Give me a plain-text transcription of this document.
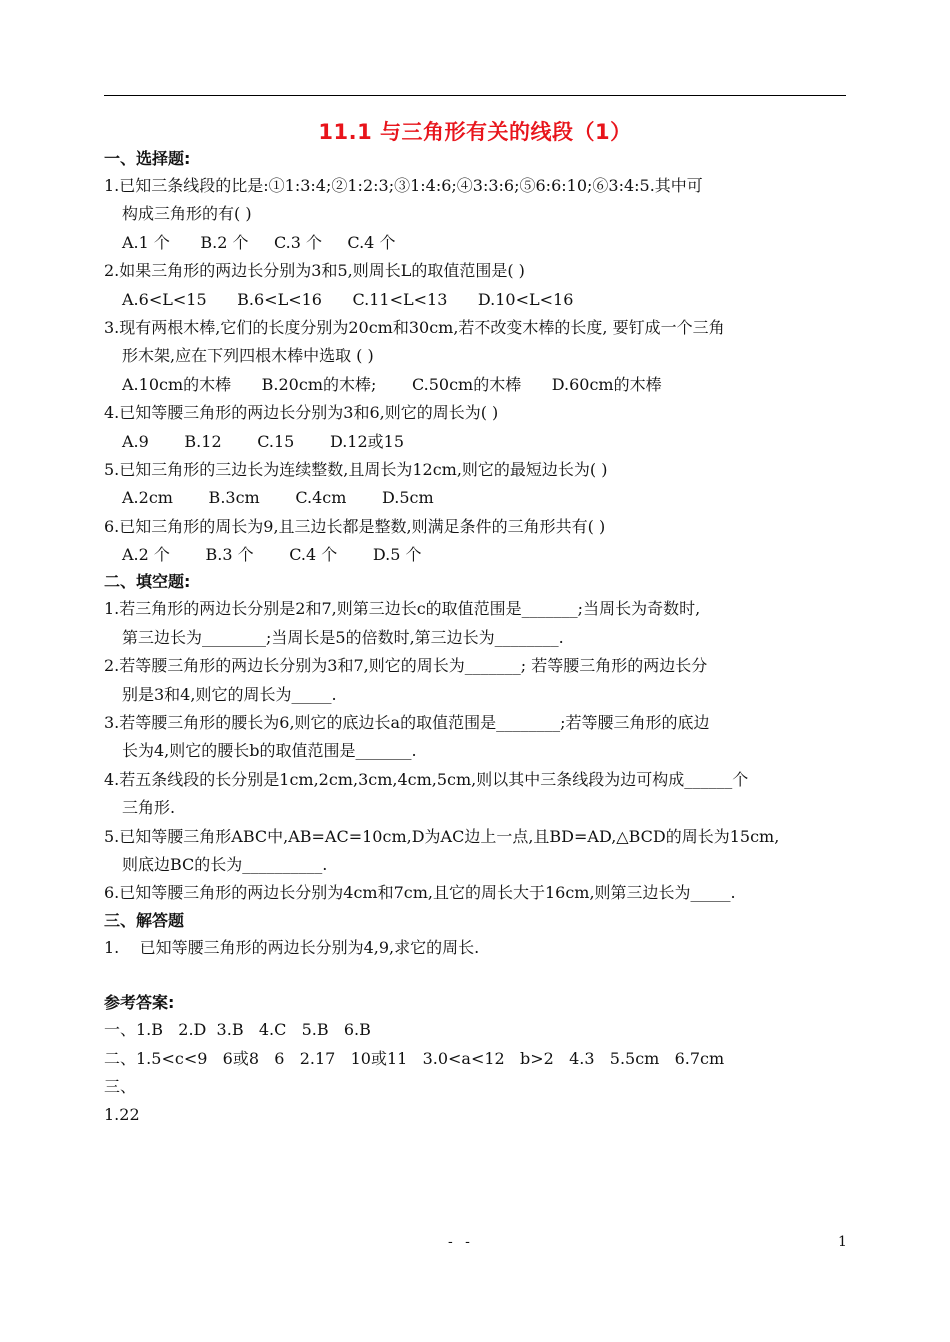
11.1 与三角形有关的线段（1）
一、选择题:
1.已知三条线段的比是:①1:3:4;②1:2:3;③1:4:6;④3:3:6;⑤6:6:10;⑥3:4:5.其中可
构成三角形的有( )
A.1 个      B.2 个     C.3 个     C.4 个
2.如果三角形的两边长分别为3和5,则周长L的取值范围是( )
A.6<L<15      B.6<L<16      C.11<L<13      D.10<L<16
3.现有两根木棒,它们的长度分别为20cm和30cm,若不改变木棒的长度, 要钉成一个三角
形木架,应在下列四根木棒中选取 ( )
A.10cm的木棒      B.20cm的木棒;       C.50cm的木棒      D.60cm的木棒
4.已知等腰三角形的两边长分别为3和6,则它的周长为( )
A.9       B.12       C.15       D.12或15
5.已知三角形的三边长为连续整数,且周长为12cm,则它的最短边长为( )
A.2cm       B.3cm       C.4cm       D.5cm
6.已知三角形的周长为9,且三边长都是整数,则满足条件的三角形共有( )
A.2 个       B.3 个       C.4 个       D.5 个
二、填空题:
1.若三角形的两边长分别是2和7,则第三边长c的取值范围是_______;当周长为奇数时,
第三边长为________;当周长是5的倍数时,第三边长为________.
2.若等腰三角形的两边长分别为3和7,则它的周长为_______; 若等腰三角形的两边长分
别是3和4,则它的周长为_____.
3.若等腰三角形的腰长为6,则它的底边长a的取值范围是________;若等腰三角形的底边
长为4,则它的腰长b的取值范围是_______.
4.若五条线段的长分别是1cm,2cm,3cm,4cm,5cm,则以其中三条线段为边可构成______个
三角形.
5.已知等腰三角形ABC中,AB=AC=10cm,D为AC边上一点,且BD=AD,△BCD的周长为15cm,
则底边BC的长为__________.
6.已知等腰三角形的两边长分别为4cm和7cm,且它的周长大于16cm,则第三边长为_____.
三、解答题
1.    已知等腰三角形的两边长分别为4,9,求它的周长.
参考答案:
一、1.B   2.D  3.B   4.C   5.B   6.B
二、1.5<c<9   6或8   6   2.17   10或11   3.0<a<12   b>2   4.3   5.5cm   6.7cm
三、
1.22
- -	1
